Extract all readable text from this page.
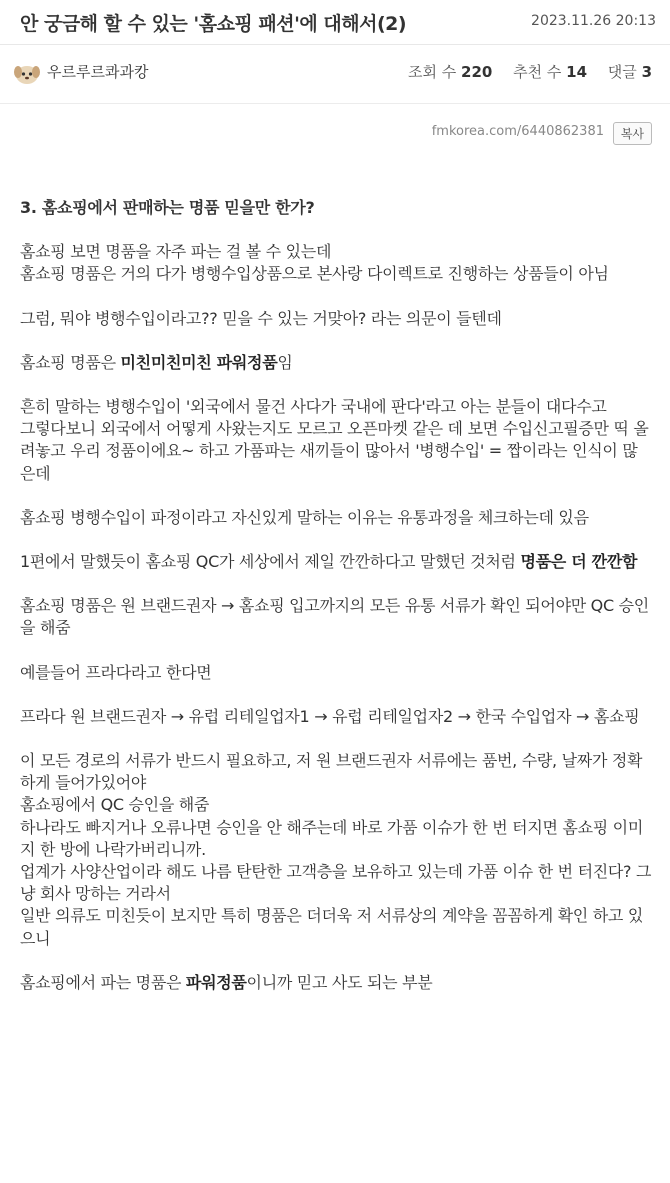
안 궁금해 할 수 있는 '홈쇼핑 패션'에 대해서(2)	2023.11.26 20:13
우르루르콰과캉	조회 수 220 추천 수 14 댓글 3
fmkorea.com/6440862381	복사

3. 홈쇼핑에서 판매하는 명품 믿을만 한가?

홈쇼핑 보면 명품을 자주 파는 걸 볼 수 있는데
홈쇼핑 명품은 거의 다가 병행수입상품으로 본사랑 다이렉트로 진행하는 상품들이 아님

그럼, 뭐야 병행수입이라고?? 믿을 수 있는 거맞아? 라는 의문이 들텐데

홈쇼핑 명품은 미친미친미친 파워정품임

흔히 말하는 병행수입이 '외국에서 물건 사다가 국내에 판다'라고 아는 분들이 대다수고
그렇다보니 외국에서 어떻게 사왔는지도 모르고 오픈마켓 같은 데 보면 수입신고필증만 띡 올려놓고 우리 정품이에요~ 하고 가품파는 새끼들이 많아서 '병행수입' = 짭이라는 인식이 많은데

홈쇼핑 병행수입이 파정이라고 자신있게 말하는 이유는 유통과정을 체크하는데 있음

1편에서 말했듯이 홈쇼핑 QC가 세상에서 제일 깐깐하다고 말했던 것처럼 명품은 더 깐깐함

홈쇼핑 명품은 원 브랜드권자 → 홈쇼핑 입고까지의 모든 유통 서류가 확인 되어야만 QC 승인을 해줌

예를들어 프라다라고 한다면

프라다 원 브랜드권자 → 유럽 리테일업자1 → 유럽 리테일업자2 → 한국 수입업자 → 홈쇼핑

이 모든 경로의 서류가 반드시 필요하고, 저 원 브랜드권자 서류에는 품번, 수량, 날짜가 정확하게 들어가있어야
홈쇼핑에서 QC 승인을 해줌
하나라도 빠지거나 오류나면 승인을 안 해주는데 바로 가품 이슈가 한 번 터지면 홈쇼핑 이미지 한 방에 나락가버리니까.
업계가 사양산업이라 해도 나름 탄탄한 고객층을 보유하고 있는데 가품 이슈 한 번 터진다? 그냥 회사 망하는 거라서
일반 의류도 미친듯이 보지만 특히 명품은 더더욱 저 서류상의 계약을 꼼꼼하게 확인 하고 있으니

홈쇼핑에서 파는 명품은 파워정품이니까 믿고 사도 되는 부분
